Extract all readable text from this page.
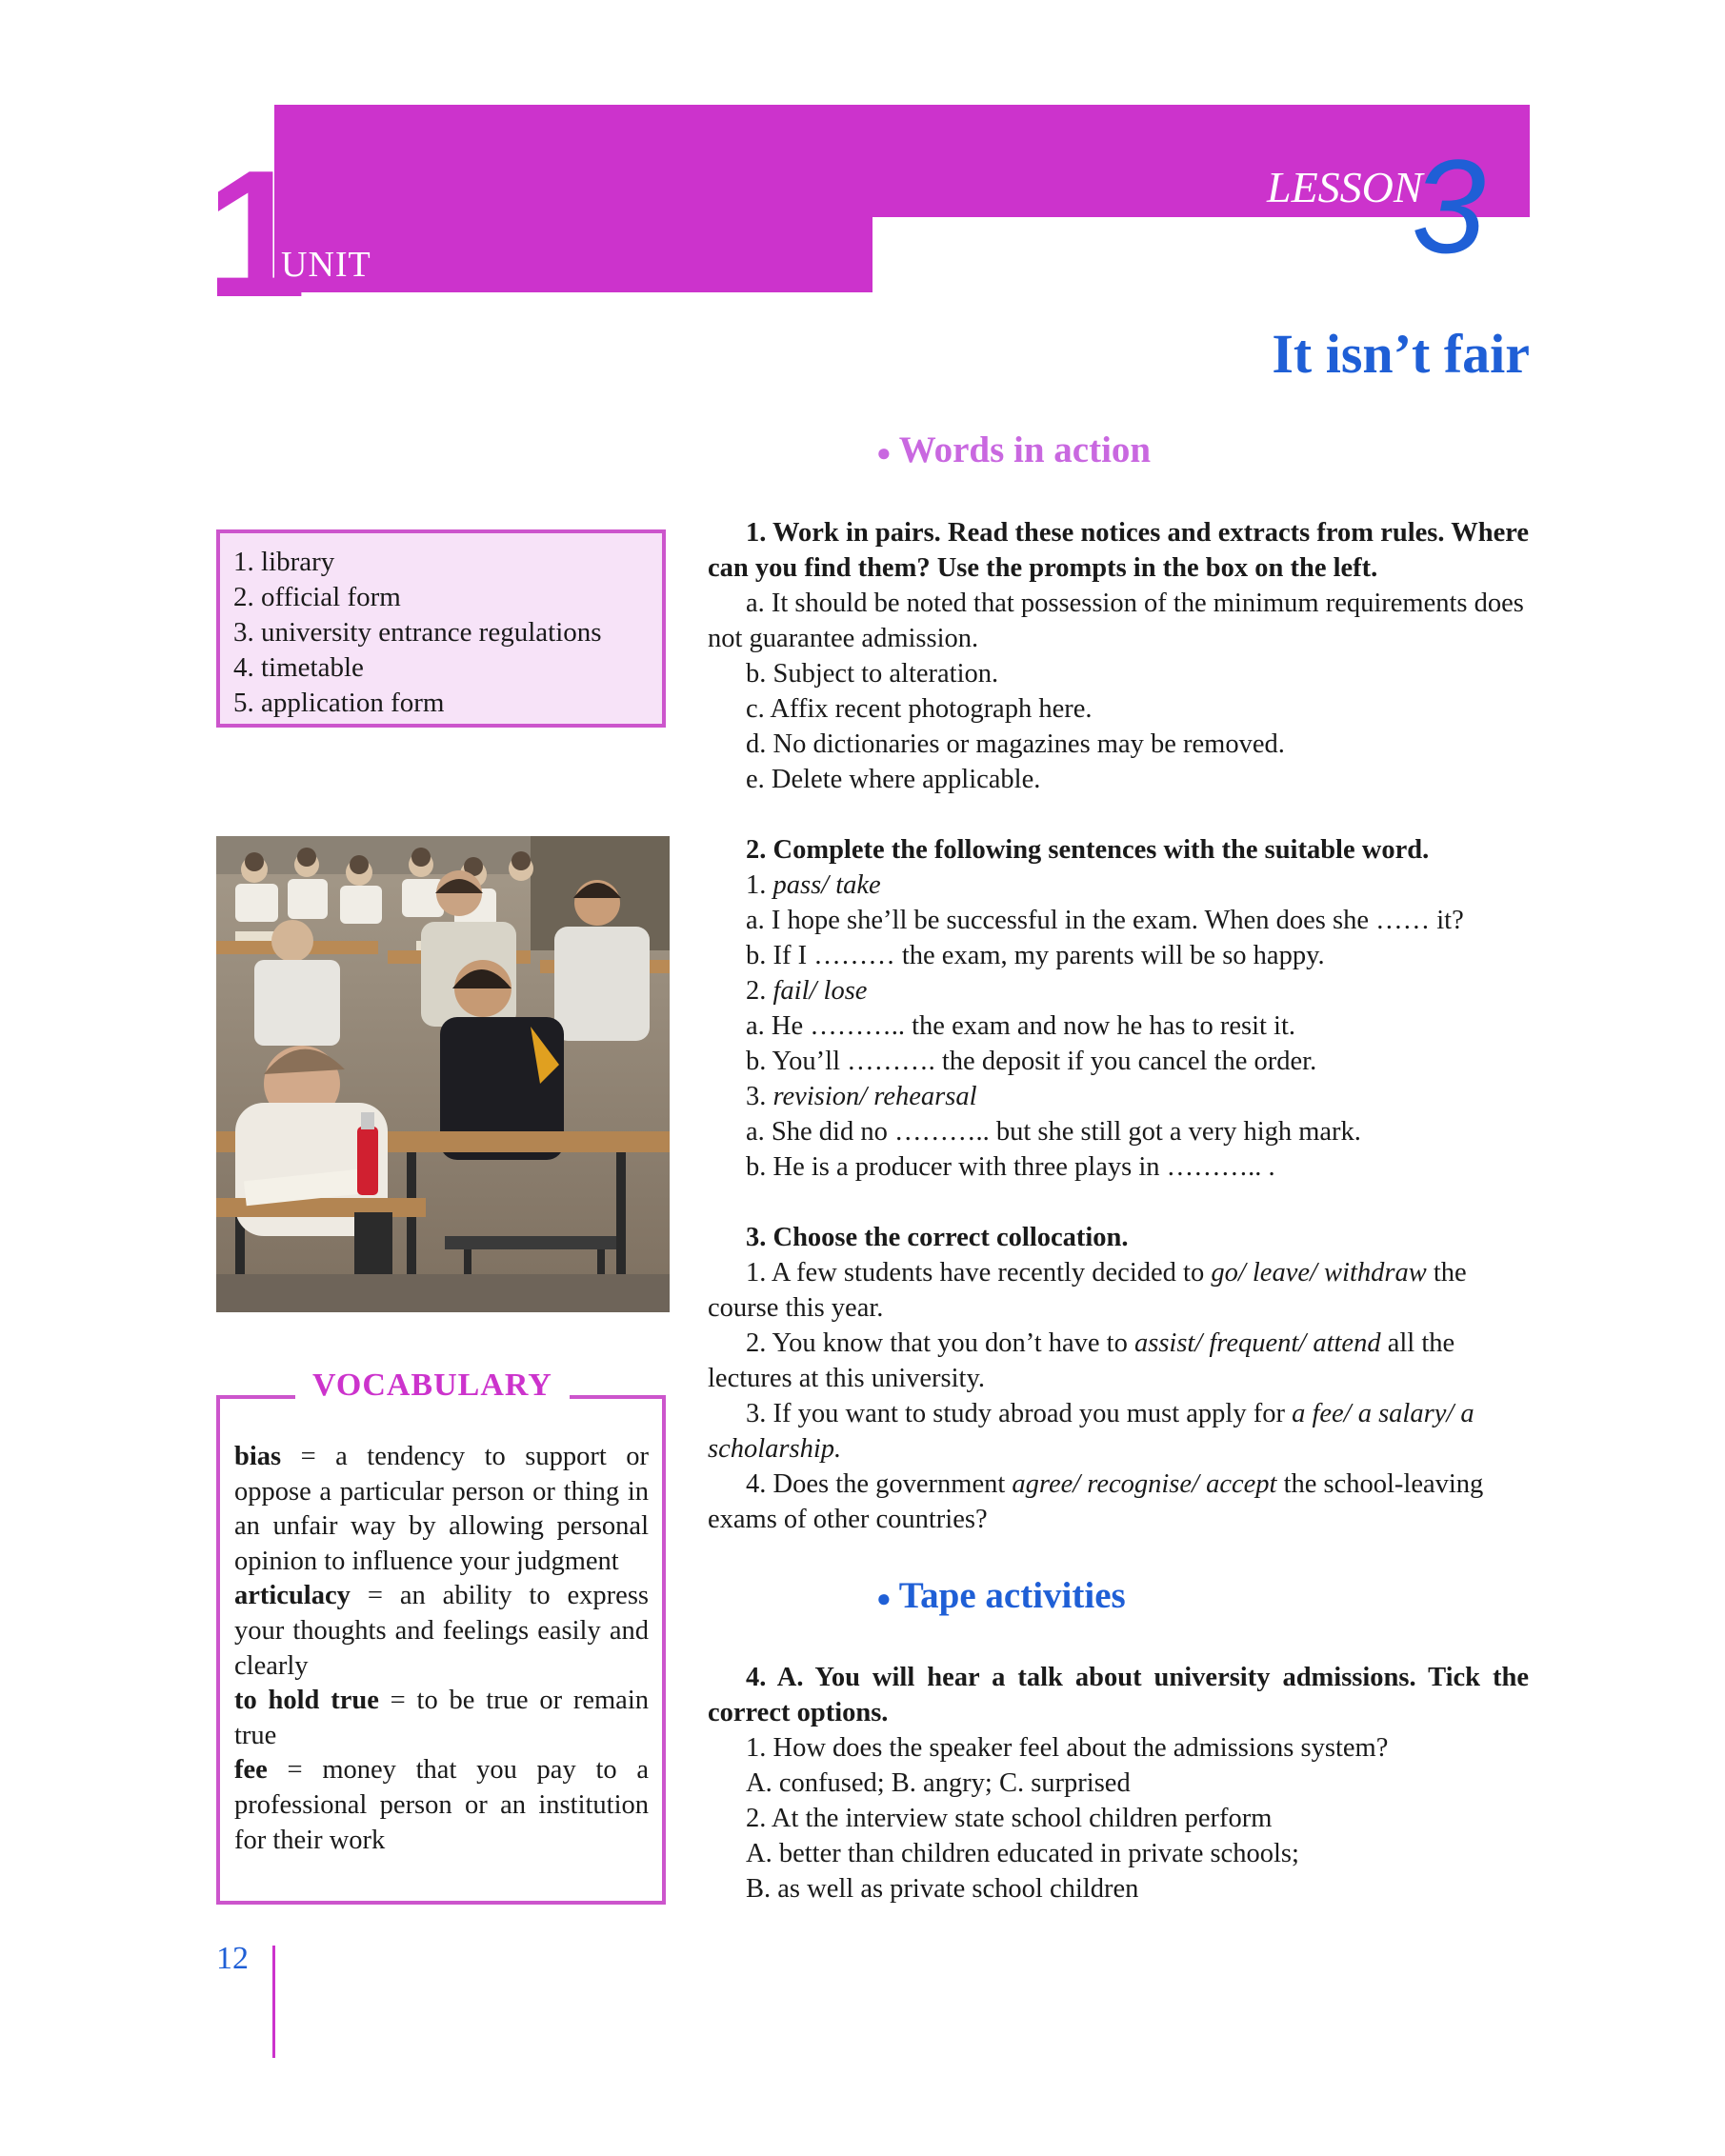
1
UNIT
LESSON
3
It isn’t fair
● Words in action
● Tape activities
1. library
2. official form
3. university entrance regulations
4. timetable
5. application form
bias = a tendency to support or oppose a particular person or thing in an unfair way by allowing personal opinion to influence your judgment
articulacy = an ability to express your thoughts and feelings easily and clearly
to hold true = to be true or remain true
fee = money that you pay to a professional person or an institution for their work
VOCABULARY
1. Work in pairs. Read these notices and extracts from rules. Where can you find them? Use the prompts in the box on the left.
a. It should be noted that possession of the minimum requirements does not guarantee admission.
b. Subject to alteration.
c. Affix recent photograph here.
d. No dictionaries or magazines may be removed.
e. Delete where applicable.
2. Complete the following sentences with the suitable word.
1. pass/ take
a. I hope she’ll be successful in the exam. When does she …… it?
b. If I ……… the exam, my parents will be so happy.
2. fail/ lose
a. He ……….. the exam and now he has to resit it.
b. You’ll ………. the deposit if you cancel the order.
3. revision/ rehearsal
a. She did no ……….. but she still got a very high mark.
b. He is a producer with three plays in ……….. .
3. Choose the correct collocation.
1. A few students have recently decided to go/ leave/ withdraw the course this year.
2. You know that you don’t have to assist/ frequent/ attend all the lectures at this university.
3. If you want to study abroad you must apply for a fee/ a salary/ a scholarship.
4. Does the government agree/ recognise/ accept the school-leaving exams of other countries?
4. A. You will hear a talk about university admissions. Tick the correct options.
1. How does the speaker feel about the admissions system?
A. confused; B. angry; C. surprised
2. At the interview state school children perform
A. better than children educated in private schools;
B. as well as private school children
12
